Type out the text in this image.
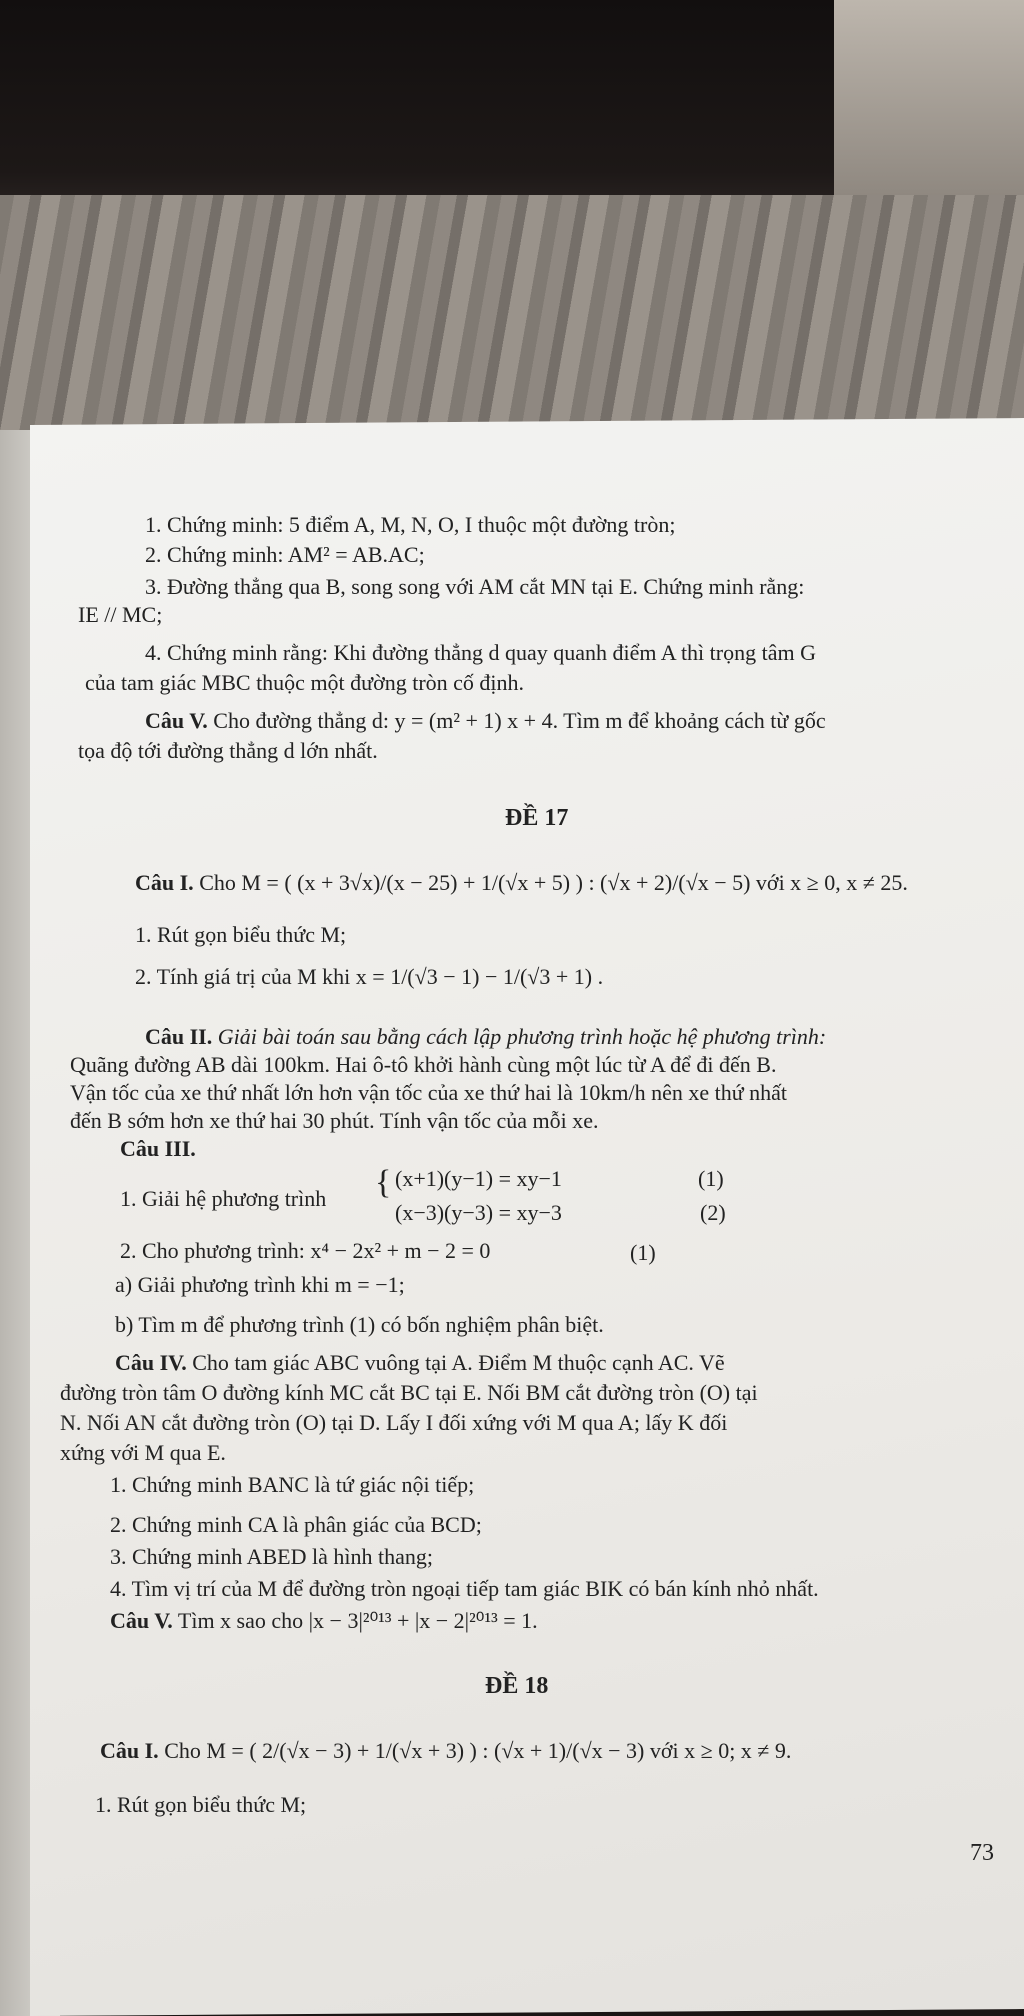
1. Chứng minh: 5 điểm A, M, N, O, I thuộc một đường tròn;
2. Chứng minh: AM² = AB.AC;
3. Đường thẳng qua B, song song với AM cắt MN tại E. Chứng minh rằng:
IE // MC;
4. Chứng minh rằng: Khi đường thẳng d quay quanh điểm A thì trọng tâm G
của tam giác MBC thuộc một đường tròn cố định.
Câu V. Cho đường thẳng d: y = (m² + 1) x + 4. Tìm m để khoảng cách từ gốc
tọa độ tới đường thẳng d lớn nhất.
ĐỀ 17
Câu I. Cho M = ( (x + 3√x)/(x − 25) + 1/(√x + 5) ) : (√x + 2)/(√x − 5) với x ≥ 0, x ≠ 25.
1. Rút gọn biểu thức M;
2. Tính giá trị của M khi x = 1/(√3 − 1) − 1/(√3 + 1) .
Câu II. Giải bài toán sau bằng cách lập phương trình hoặc hệ phương trình:
Quãng đường AB dài 100km. Hai ô-tô khởi hành cùng một lúc từ A để đi đến B.
Vận tốc của xe thứ nhất lớn hơn vận tốc của xe thứ hai là 10km/h nên xe thứ nhất
đến B sớm hơn xe thứ hai 30 phút. Tính vận tốc của mỗi xe.
Câu III.
1. Giải hệ phương trình { (x+1)(y−1) = xy−1	(1)
(x−3)(y−3) = xy−3	(2)
2. Cho phương trình: x⁴ − 2x² + m − 2 = 0	(1)
a) Giải phương trình khi m = −1;
b) Tìm m để phương trình (1) có bốn nghiệm phân biệt.
Câu IV. Cho tam giác ABC vuông tại A. Điểm M thuộc cạnh AC. Vẽ
đường tròn tâm O đường kính MC cắt BC tại E. Nối BM cắt đường tròn (O) tại
N. Nối AN cắt đường tròn (O) tại D. Lấy I đối xứng với M qua A; lấy K đối
xứng với M qua E.
1. Chứng minh BANC là tứ giác nội tiếp;
2. Chứng minh CA là phân giác của BCD;
3. Chứng minh ABED là hình thang;
4. Tìm vị trí của M để đường tròn ngoại tiếp tam giác BIK có bán kính nhỏ nhất.
Câu V. Tìm x sao cho |x − 3|²⁰¹³ + |x − 2|²⁰¹³ = 1.
ĐỀ 18
Câu I. Cho M = ( 2/(√x − 3) + 1/(√x + 3) ) : (√x + 1)/(√x − 3) với x ≥ 0; x ≠ 9.
1. Rút gọn biểu thức M;
73
